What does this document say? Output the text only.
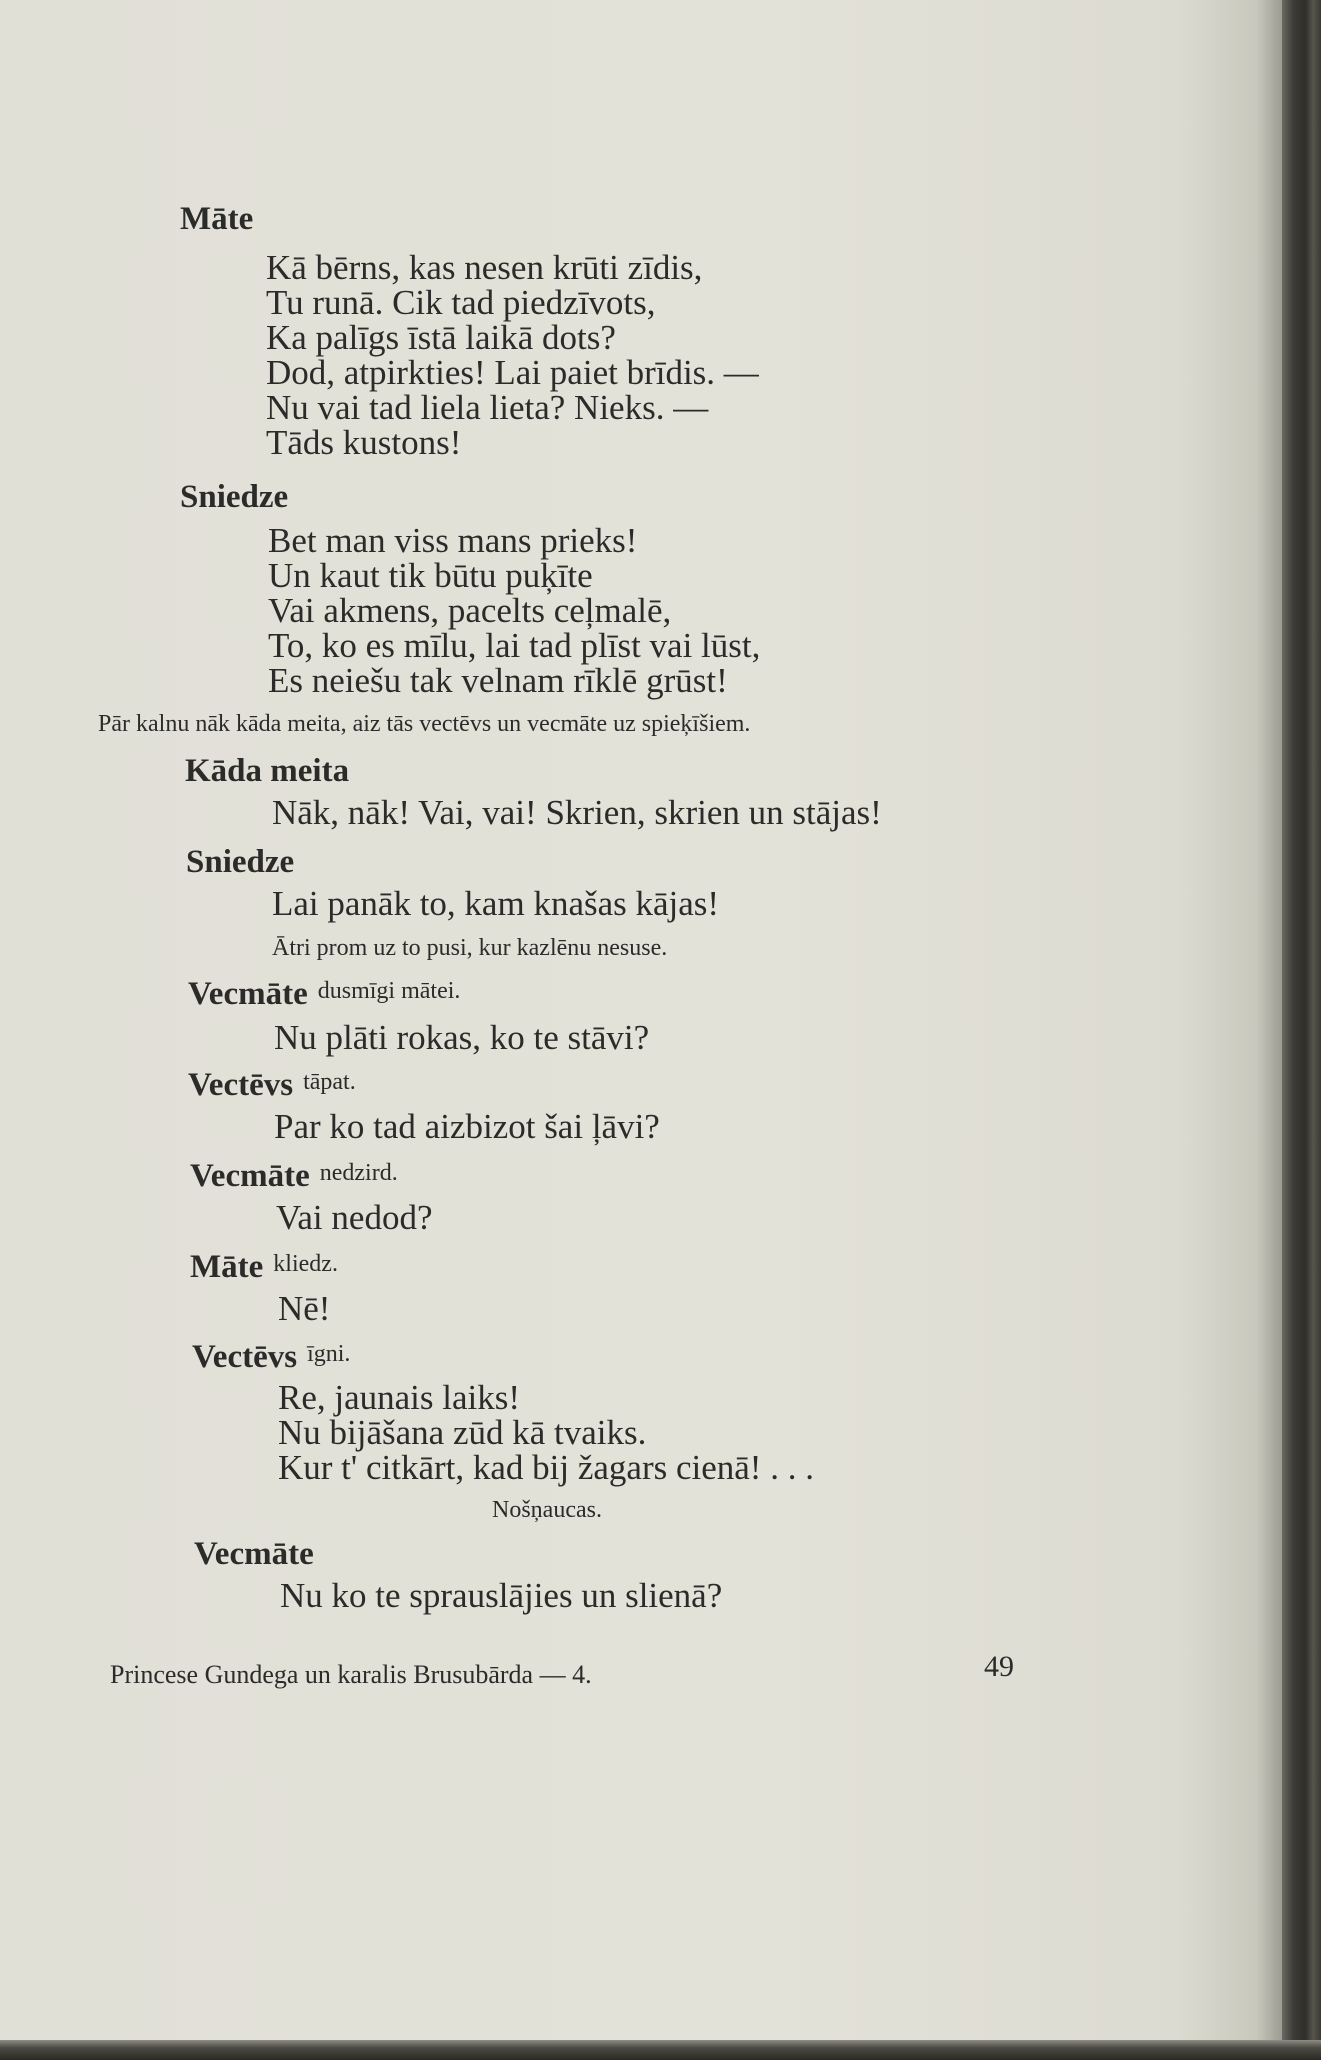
Māte
Kā bērns, kas nesen krūti zīdis,
Tu runā. Cik tad piedzīvots,
Ka palīgs īstā laikā dots?
Dod, atpirkties! Lai paiet brīdis. —
Nu vai tad liela lieta? Nieks. —
Tāds kustons!
Sniedze
Bet man viss mans prieks!
Un kaut tik būtu puķīte
Vai akmens, pacelts ceļmalē,
To, ko es mīlu, lai tad plīst vai lūst,
Es neiešu tak velnam rīklē grūst!
Pār kalnu nāk kāda meita, aiz tās vectēvs un vecmāte uz spieķīšiem.
Kāda meita
Nāk, nāk! Vai, vai! Skrien, skrien un stājas!
Sniedze
Lai panāk to, kam knašas kājas!
Ātri prom uz to pusi, kur kazlēnu nesuse.
Vecmāte dusmīgi mātei.
Nu plāti rokas, ko te stāvi?
Vectēvs tāpat.
Par ko tad aizbizot šai ļāvi?
Vecmāte nedzird.
Vai nedod?
Māte kliedz.
Nē!
Vectēvs īgni.
Re, jaunais laiks!
Nu bijāšana zūd kā tvaiks.
Kur t' citkārt, kad bij žagars cienā! . . .
Nošņaucas.
Vecmāte
Nu ko te sprauslājies un slienā?
Princese Gundega un karalis Brusubārda — 4.	49
